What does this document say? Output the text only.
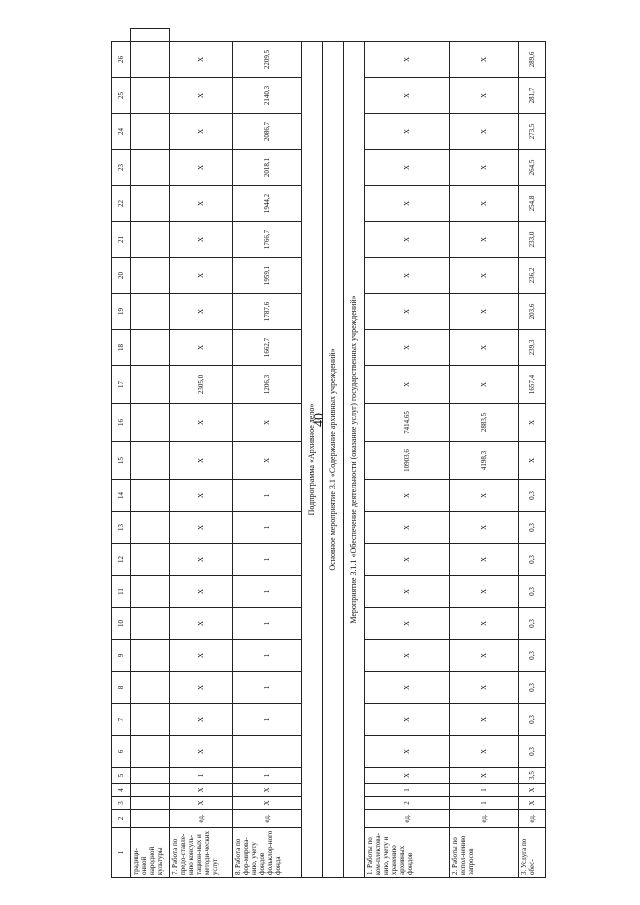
40
1	2	3	4	5	6	7	8	9	10	11	12	13	14	15	16	17	18	19	20	21	22	23	24	25	26	
традици-онной народной культуры																										
7. Работа по предо-ставле-нию консуль-тацион-ных и методи-ческих услуг	ед.	Х	Х	1	Х	Х	Х	Х	Х	Х	Х	Х	Х	Х	Х	2305,0	Х	Х	Х	Х	Х	Х	Х	Х	Х	
8. Работа по фор-мирова-нию, учету фондов фольклор-ного фонда	ед.	Х	Х	1		1	1	1	1	1	1	1	1	Х	Х	1206,3	1662,7	1787,6	1959,1	1766,7	1944,2	2018,1	2086,7	2140,3	2209,5	
Подпрограмма «Архивное дело»																										
Основное мероприятие 3.1 «Содержание архивных учреждений»																										
Мероприятие 3.1.1 «Обеспечение деятельности (оказание услуг) государственных учреждений»																										
1. Работы по ком-плектова-нию, учету и хранению архивных фондов	ед.	2	1	Х	Х	Х	Х	Х	Х	Х	Х	Х	Х	10903,6	7414,65	Х	Х	Х	Х	Х	Х	Х	Х	Х	Х	
2. Работы по испол-нению запросов	ед.	1	1	Х	Х	Х	Х	Х	Х	Х	Х	Х	Х	4198,3	2883,5	Х	Х	Х	Х	Х	Х	Х	Х	Х	Х	
3. Услуга по обес-	ед.	Х	Х	3,5	0,3	0,3	0,3	0,3	0,3	0,3	0,3	0,3	0,3	Х	Х	1657,4	239,3	203,6	236,2	233,0	254,8	264,5	273,5	281,7	289,6	
